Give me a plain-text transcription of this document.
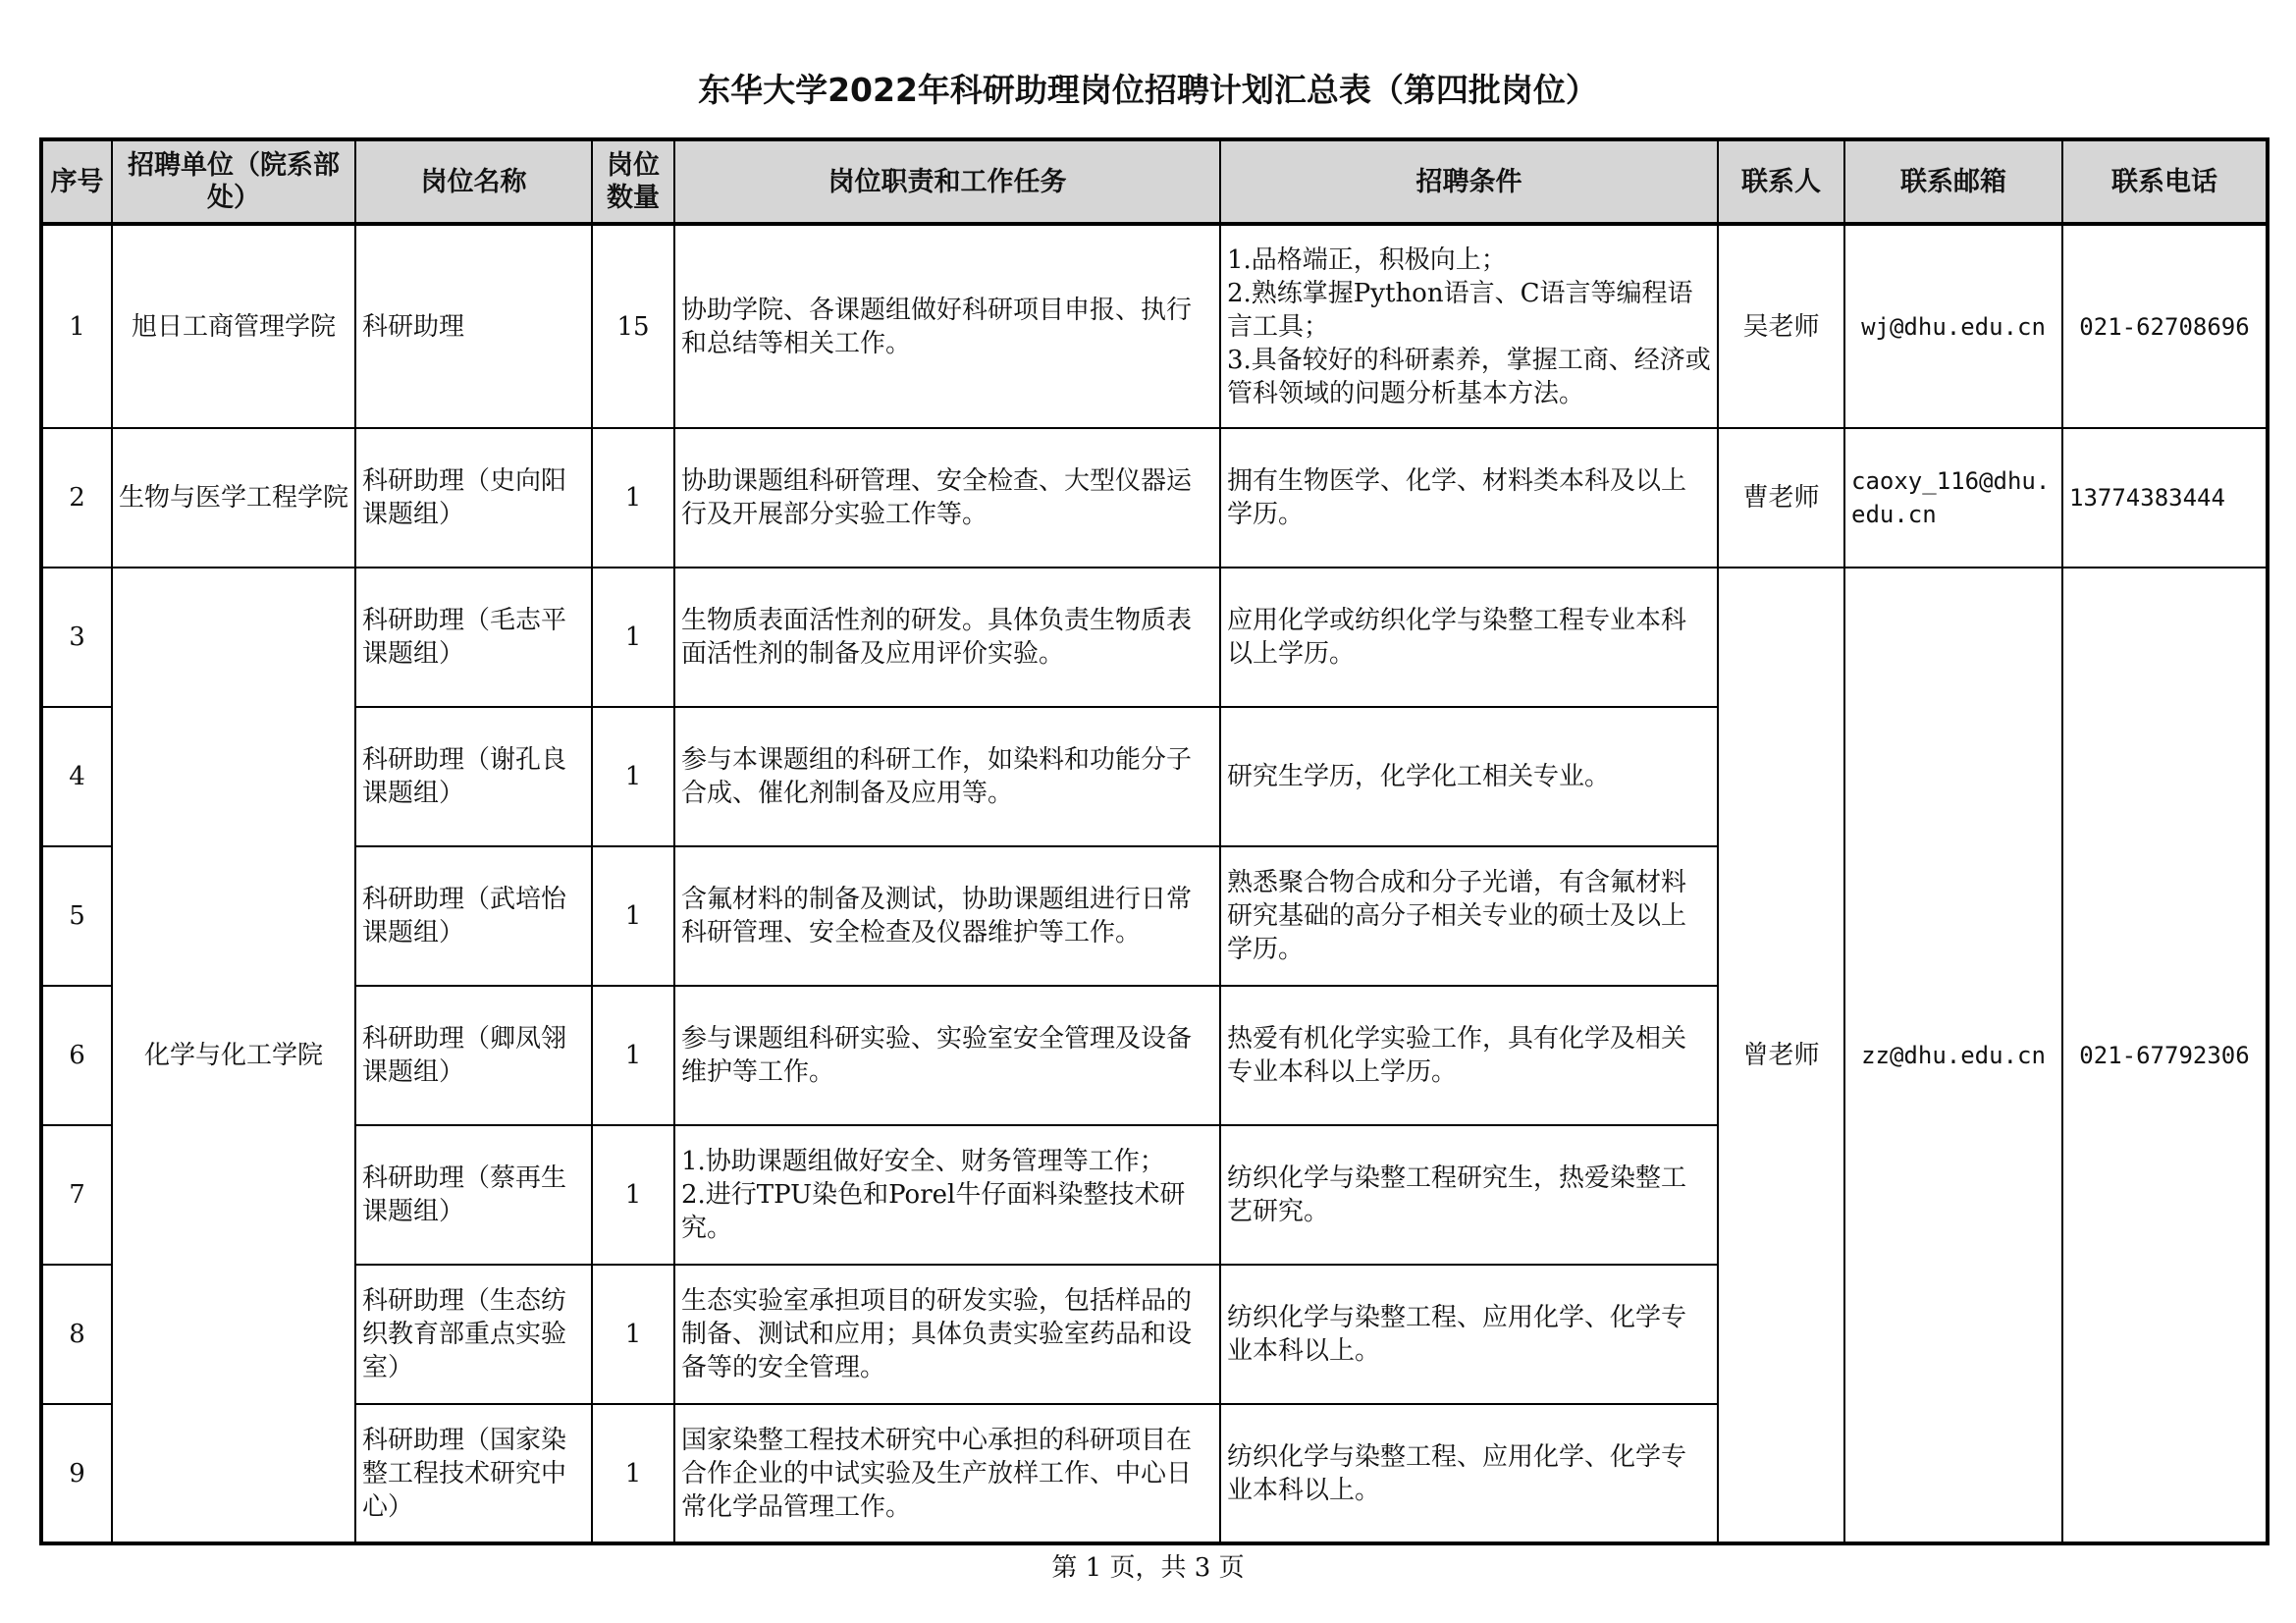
东华大学2022年科研助理岗位招聘计划汇总表（第四批岗位）
序号	招聘单位（院系部处）	岗位名称	岗位数量	岗位职责和工作任务	招聘条件	联系人	联系邮箱	联系电话
1	旭日工商管理学院	科研助理	15	协助学院、各课题组做好科研项目申报、执行和总结等相关工作。	1.品格端正，积极向上；
2.熟练掌握Python语言、C语言等编程语言工具；
3.具备较好的科研素养，掌握工商、经济或管科领域的问题分析基本方法。	吴老师	wj@dhu.edu.cn	021-62708696
2	生物与医学工程学院	科研助理（史向阳课题组）	1	协助课题组科研管理、安全检查、大型仪器运行及开展部分实验工作等。	拥有生物医学、化学、材料类本科及以上学历。	曹老师	caoxy_116@dhu.edu.cn	13774383444
3	化学与化工学院	科研助理（毛志平课题组）	1	生物质表面活性剂的研发。具体负责生物质表面活性剂的制备及应用评价实验。	应用化学或纺织化学与染整工程专业本科以上学历。	曾老师	zz@dhu.edu.cn	021-67792306
4		科研助理（谢孔良课题组）	1	参与本课题组的科研工作，如染料和功能分子合成、催化剂制备及应用等。	研究生学历，化学化工相关专业。			
5		科研助理（武培怡课题组）	1	含氟材料的制备及测试，协助课题组进行日常科研管理、安全检查及仪器维护等工作。	熟悉聚合物合成和分子光谱，有含氟材料研究基础的高分子相关专业的硕士及以上学历。			
6		科研助理（卿凤翎课题组）	1	参与课题组科研实验、实验室安全管理及设备维护等工作。	热爱有机化学实验工作，具有化学及相关专业本科以上学历。			
7		科研助理（蔡再生课题组）	1	1.协助课题组做好安全、财务管理等工作；
2.进行TPU染色和Porel牛仔面料染整技术研究。	纺织化学与染整工程研究生，热爱染整工艺研究。			
8		科研助理（生态纺织教育部重点实验室）	1	生态实验室承担项目的研发实验，包括样品的制备、测试和应用；具体负责实验室药品和设备等的安全管理。	纺织化学与染整工程、应用化学、化学专业本科以上。			
9		科研助理（国家染整工程技术研究中心）	1	国家染整工程技术研究中心承担的科研项目在合作企业的中试实验及生产放样工作、中心日常化学品管理工作。	纺织化学与染整工程、应用化学、化学专业本科以上。			
第 1 页，共 3 页
